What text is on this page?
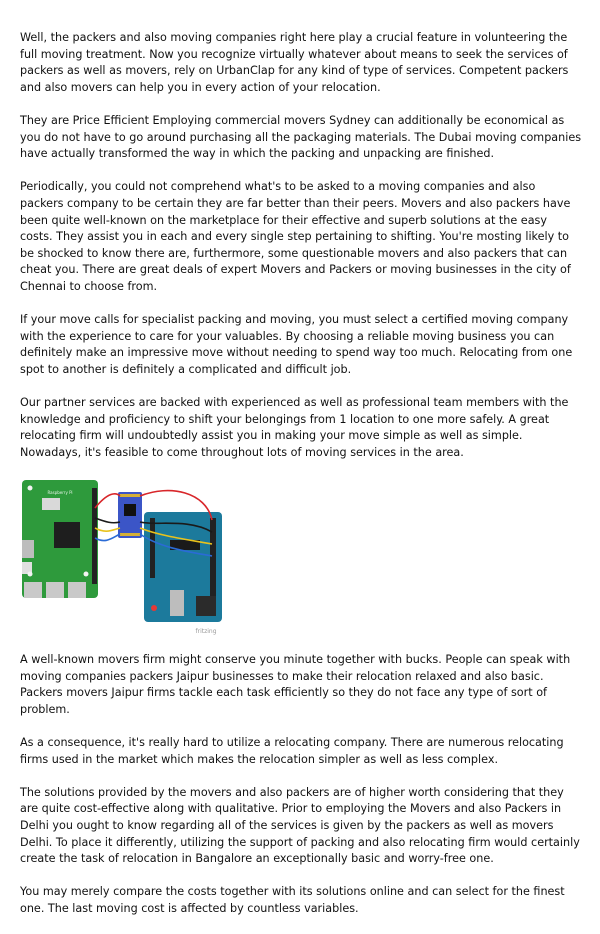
Well, the packers and also moving companies right here play a crucial feature in volunteering the full moving treatment. Now you recognize virtually whatever about means to seek the services of packers as well as movers, rely on UrbanClap for any kind of type of services. Competent packers and also movers can help you in every action of your relocation.

They are Price Efficient Employing commercial movers Sydney can additionally be economical as you do not have to go around purchasing all the packaging materials. The Dubai moving companies have actually transformed the way in which the packing and unpacking are finished.

Periodically, you could not comprehend what's to be asked to a moving companies and also packers company to be certain they are far better than their peers. Movers and also packers have been quite well-known on the marketplace for their effective and superb solutions at the easy costs. They assist you in each and every single step pertaining to shifting. You're mosting likely to be shocked to know there are, furthermore, some questionable movers and also packers that can cheat you. There are great deals of expert Movers and Packers or moving businesses in the city of Chennai to choose from.

If your move calls for specialist packing and moving, you must select a certified moving company with the experience to care for your valuables. By choosing a reliable moving business you can definitely make an impressive move without needing to spend way too much. Relocating from one spot to another is definitely a complicated and difficult job.

Our partner services are backed with experienced as well as professional team members with the knowledge and proficiency to shift your belongings from 1 location to one more safely. A great relocating firm will undoubtedly assist you in making your move simple as well as simple. Nowadays, it's feasible to come throughout lots of moving services in the area.

Raspberry Pi
fritzing

A well-known movers firm might conserve you minute together with bucks. People can speak with moving companies packers Jaipur businesses to make their relocation relaxed and also basic. Packers movers Jaipur firms tackle each task efficiently so they do not face any type of sort of problem.

As a consequence, it's really hard to utilize a relocating company. There are numerous relocating firms used in the market which makes the relocation simpler as well as less complex.

The solutions provided by the movers and also packers are of higher worth considering that they are quite cost-effective along with qualitative. Prior to employing the Movers and also Packers in Delhi you ought to know regarding all of the services is given by the packers as well as movers Delhi. To place it differently, utilizing the support of packing and also relocating firm would certainly create the task of relocation in Bangalore an exceptionally basic and worry-free one.

You may merely compare the costs together with its solutions online and can select for the finest one. The last moving cost is affected by countless variables.
